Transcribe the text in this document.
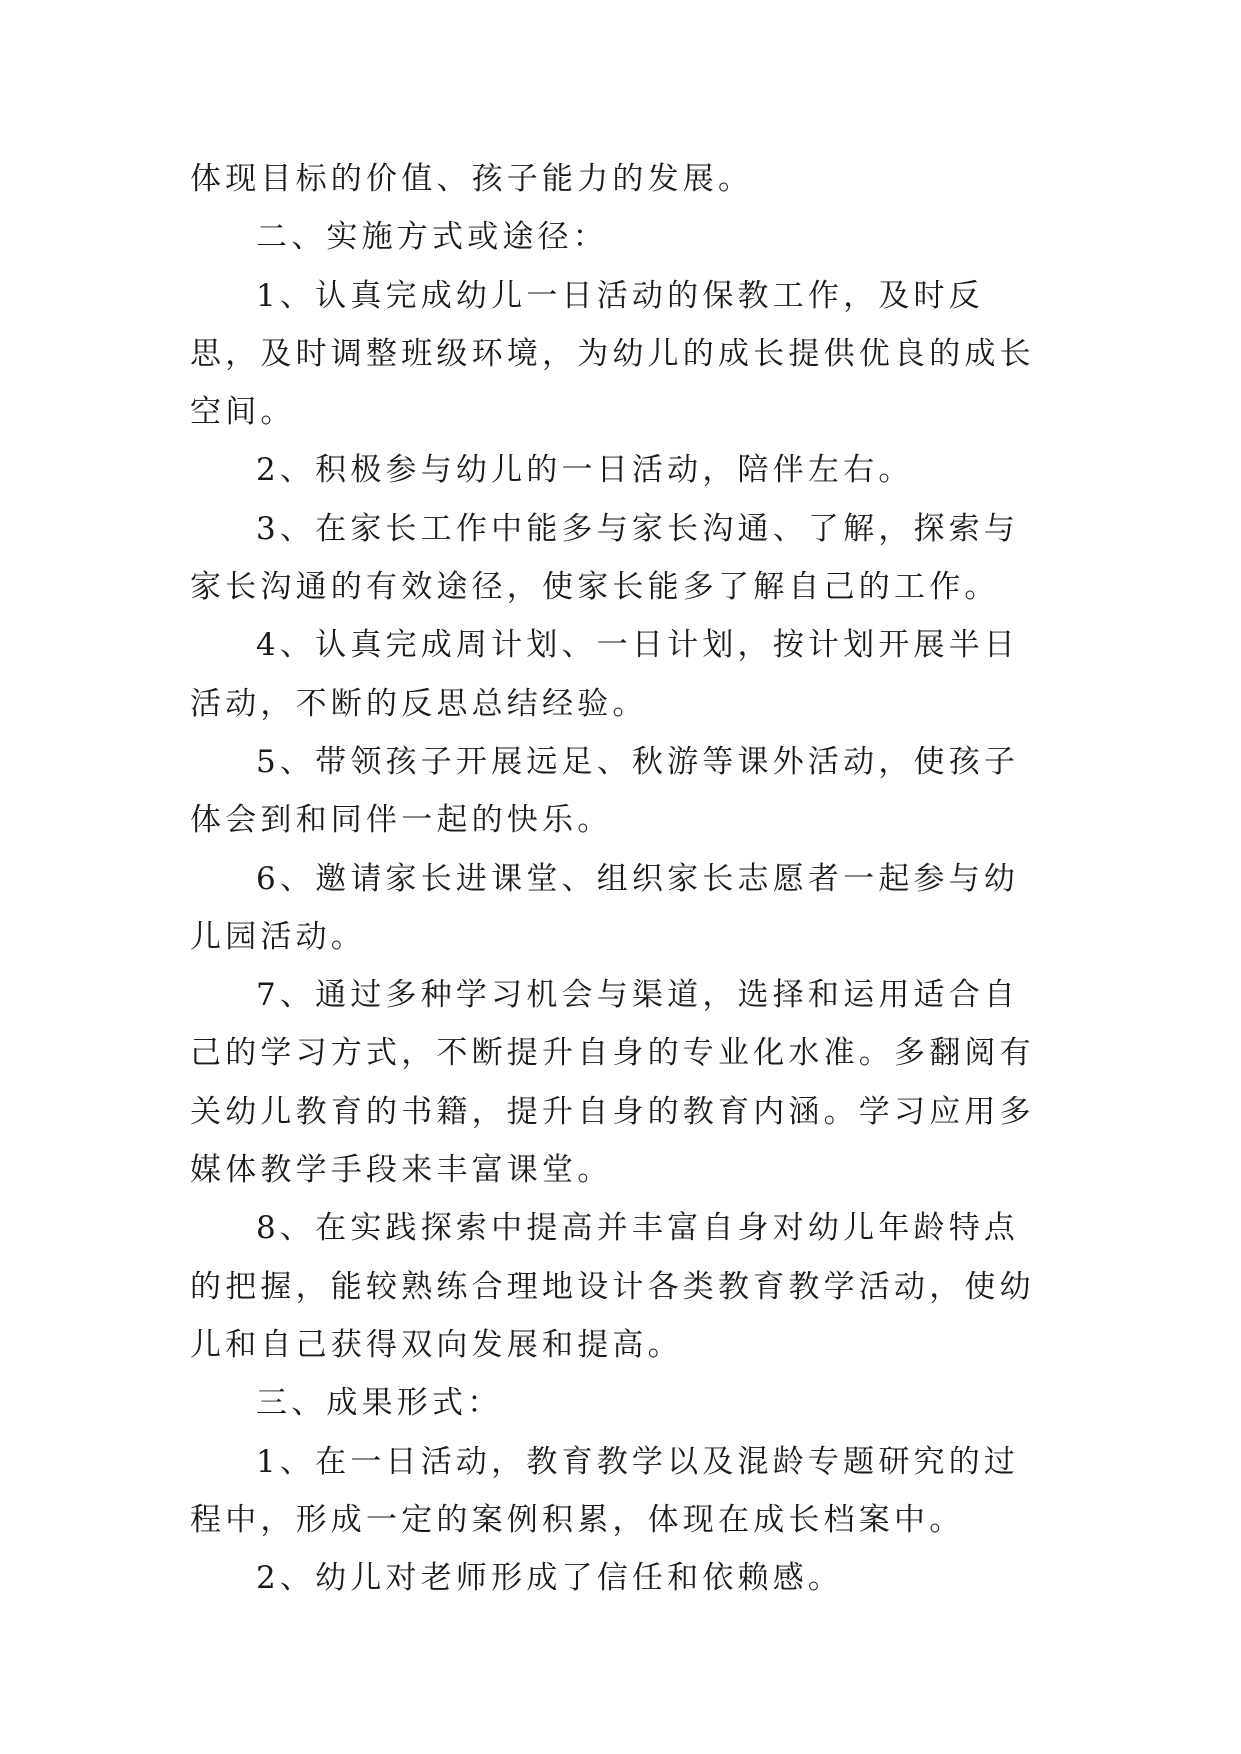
体现目标的价值、孩子能力的发展。

二、实施方式或途径：

1、认真完成幼儿一日活动的保教工作，及时反思，及时调整班级环境，为幼儿的成长提供优良的成长空间。

2、积极参与幼儿的一日活动，陪伴左右。

3、在家长工作中能多与家长沟通、了解，探索与家长沟通的有效途径，使家长能多了解自己的工作。

4、认真完成周计划、一日计划，按计划开展半日活动，不断的反思总结经验。

5、带领孩子开展远足、秋游等课外活动，使孩子体会到和同伴一起的快乐。

6、邀请家长进课堂、组织家长志愿者一起参与幼儿园活动。

7、通过多种学习机会与渠道，选择和运用适合自己的学习方式，不断提升自身的专业化水准。多翻阅有关幼儿教育的书籍，提升自身的教育内涵。学习应用多媒体教学手段来丰富课堂。

8、在实践探索中提高并丰富自身对幼儿年龄特点的把握，能较熟练合理地设计各类教育教学活动，使幼儿和自己获得双向发展和提高。

三、成果形式：

1、在一日活动，教育教学以及混龄专题研究的过程中，形成一定的案例积累，体现在成长档案中。

2、幼儿对老师形成了信任和依赖感。
